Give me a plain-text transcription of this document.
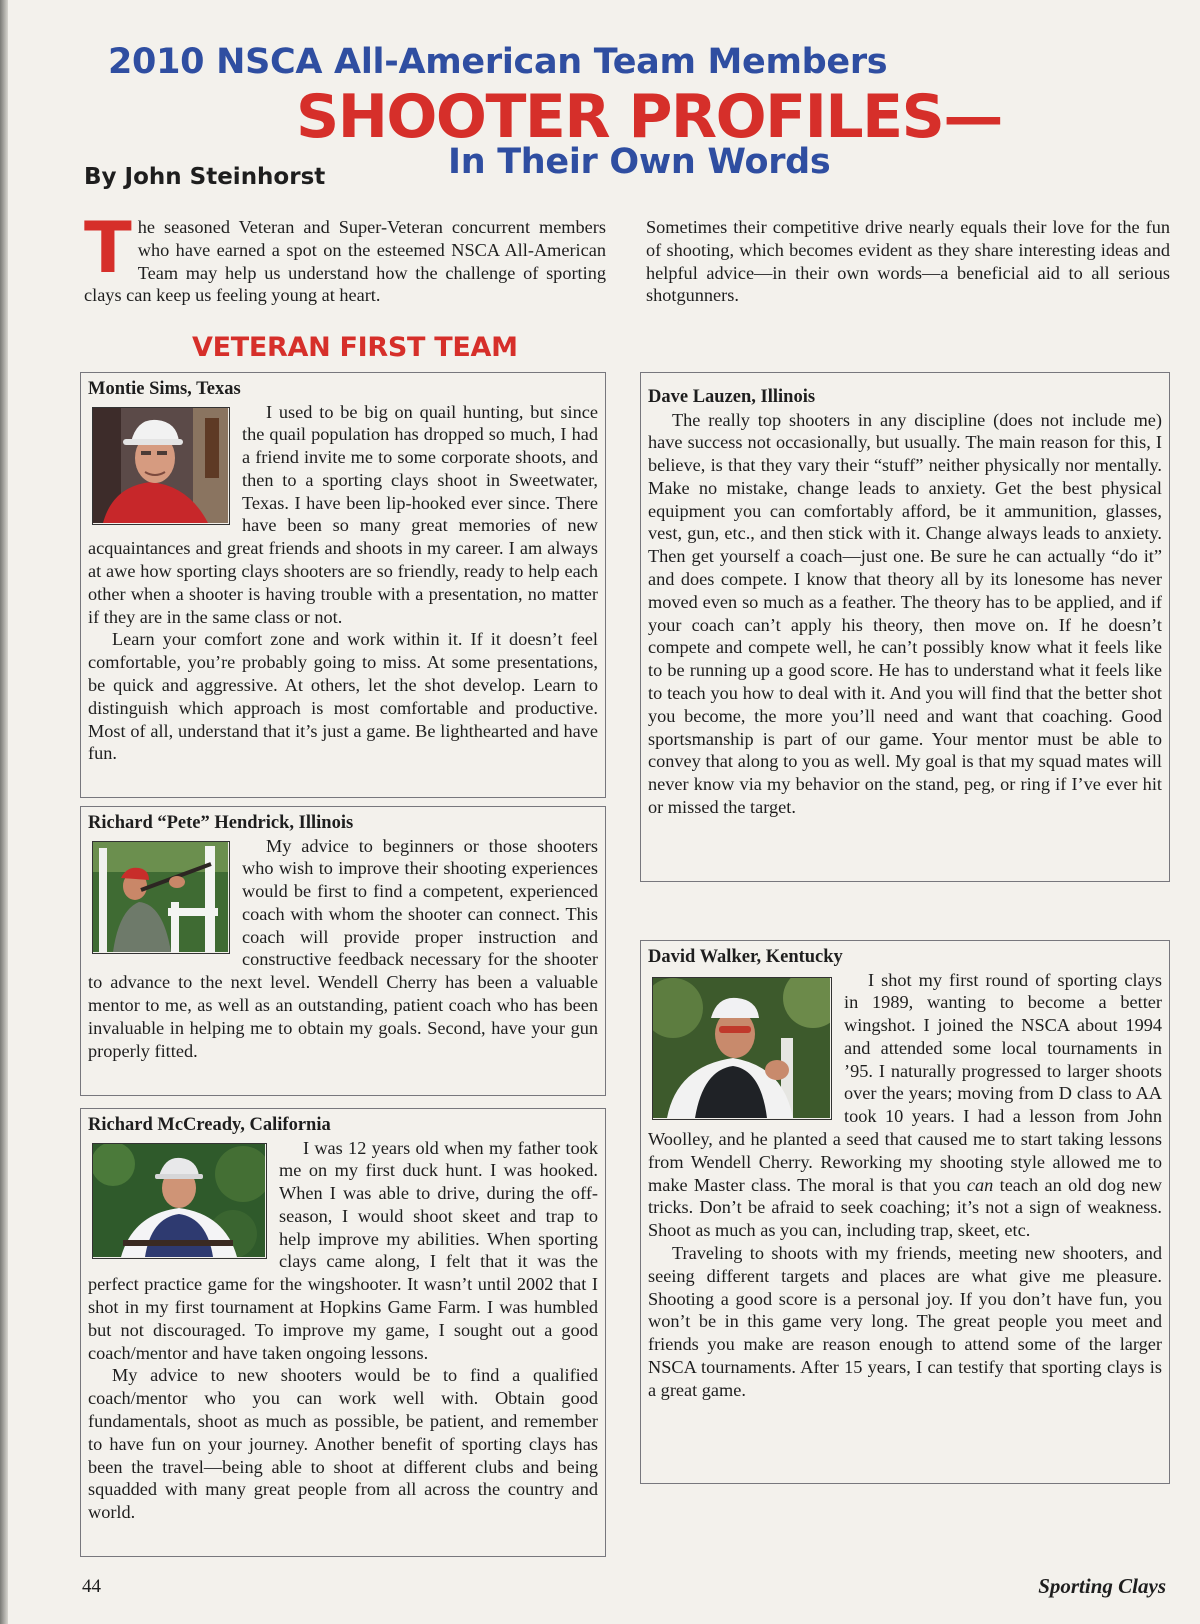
2010 NSCA All-American Team Members
SHOOTER PROFILES—
In Their Own Words

By John Steinhorst

The seasoned Veteran and Super-Veteran concurrent members who have earned a spot on the esteemed NSCA All-American Team may help us understand how the challenge of sporting clays can keep us feeling young at heart.

Sometimes their competitive drive nearly equals their love for the fun of shooting, which becomes evident as they share interesting ideas and helpful advice—in their own words—a beneficial aid to all serious shotgunners.

VETERAN FIRST TEAM

Montie Sims, Texas

I used to be big on quail hunting, but since the quail population has dropped so much, I had a friend invite me to some corporate shoots, and then to a sporting clays shoot in Sweetwater, Texas. I have been lip-hooked ever since. There have been so many great memories of new acquaintances and great friends and shoots in my career. I am always at awe how sporting clays shooters are so friendly, ready to help each other when a shooter is having trouble with a presentation, no matter if they are in the same class or not.

Learn your comfort zone and work within it. If it doesn’t feel comfortable, you’re probably going to miss. At some presentations, be quick and aggressive. At others, let the shot develop. Learn to distinguish which approach is most comfortable and productive. Most of all, understand that it’s just a game. Be lighthearted and have fun.

Richard “Pete” Hendrick, Illinois

My advice to beginners or those shooters who wish to improve their shooting experiences would be first to find a competent, experienced coach with whom the shooter can connect. This coach will provide proper instruction and constructive feedback necessary for the shooter to advance to the next level. Wendell Cherry has been a valuable mentor to me, as well as an outstanding, patient coach who has been invaluable in helping me to obtain my goals. Second, have your gun properly fitted.

Richard McCready, California

I was 12 years old when my father took me on my first duck hunt. I was hooked. When I was able to drive, during the off-season, I would shoot skeet and trap to help improve my abilities. When sporting clays came along, I felt that it was the perfect practice game for the wingshooter. It wasn’t until 2002 that I shot in my first tournament at Hopkins Game Farm. I was humbled but not discouraged. To improve my game, I sought out a good coach/mentor and have taken ongoing lessons.

My advice to new shooters would be to find a qualified coach/mentor who you can work well with. Obtain good fundamentals, shoot as much as possible, be patient, and remember to have fun on your journey. Another benefit of sporting clays has been the travel—being able to shoot at different clubs and being squadded with many great people from all across the country and world.

Dave Lauzen, Illinois

The really top shooters in any discipline (does not include me) have success not occasionally, but usually. The main reason for this, I believe, is that they vary their “stuff” neither physically nor mentally. Make no mistake, change leads to anxiety. Get the best physical equipment you can comfortably afford, be it ammunition, glasses, vest, gun, etc., and then stick with it. Change always leads to anxiety. Then get yourself a coach—just one. Be sure he can actually “do it” and does compete. I know that theory all by its lonesome has never moved even so much as a feather. The theory has to be applied, and if your coach can’t apply his theory, then move on. If he doesn’t compete and compete well, he can’t possibly know what it feels like to be running up a good score. He has to understand what it feels like to teach you how to deal with it. And you will find that the better shot you become, the more you’ll need and want that coaching. Good sportsmanship is part of our game. Your mentor must be able to convey that along to you as well. My goal is that my squad mates will never know via my behavior on the stand, peg, or ring if I’ve ever hit or missed the target.

David Walker, Kentucky

I shot my first round of sporting clays in 1989, wanting to become a better wingshot. I joined the NSCA about 1994 and attended some local tournaments in ’95. I naturally progressed to larger shoots over the years; moving from D class to AA took 10 years. I had a lesson from John Woolley, and he planted a seed that caused me to start taking lessons from Wendell Cherry. Reworking my shooting style allowed me to make Master class. The moral is that you can teach an old dog new tricks. Don’t be afraid to seek coaching; it’s not a sign of weakness. Shoot as much as you can, including trap, skeet, etc.

Traveling to shoots with my friends, meeting new shooters, and seeing different targets and places are what give me pleasure. Shooting a good score is a personal joy. If you don’t have fun, you won’t be in this game very long. The great people you meet and friends you make are reason enough to attend some of the larger NSCA tournaments. After 15 years, I can testify that sporting clays is a great game.

44	Sporting Clays
